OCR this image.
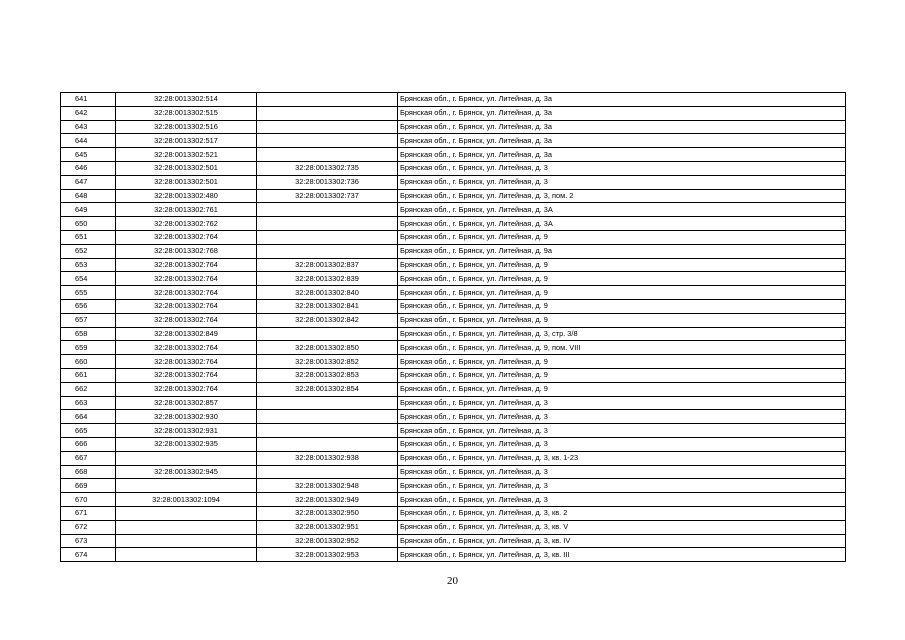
641	32:28:0013302:514		Брянская обл., г. Брянск, ул. Литейная, д. 3а
642	32:28:0013302:515		Брянская обл., г. Брянск, ул. Литейная, д. 3а
643	32:28:0013302:516		Брянская обл., г. Брянск, ул. Литейная, д. 3а
644	32:28:0013302:517		Брянская обл., г. Брянск, ул. Литейная, д. 3а
645	32:28:0013302:521		Брянская обл., г. Брянск, ул. Литейная, д. 3а
646	32:28:0013302:501	32:28:0013302:735	Брянская обл., г. Брянск, ул. Литейная, д. 3
647	32:28:0013302:501	32:28:0013302:736	Брянская обл., г. Брянск, ул. Литейная, д. 3
648	32:28:0013302:480	32:28:0013302:737	Брянская обл., г. Брянск, ул. Литейная, д. 3, пом. 2
649	32:28:0013302:761		Брянская обл., г. Брянск, ул. Литейная, д. 3А
650	32:28:0013302:762		Брянская обл., г. Брянск, ул. Литейная, д. 3А
651	32:28:0013302:764		Брянская обл., г. Брянск, ул. Литейная, д. 9
652	32:28:0013302:768		Брянская обл., г. Брянск, ул. Литейная, д. 9а
653	32:28:0013302:764	32:28:0013302:837	Брянская обл., г. Брянск, ул. Литейная, д. 9
654	32:28:0013302:764	32:28:0013302:839	Брянская обл., г. Брянск, ул. Литейная, д. 9
655	32:28:0013302:764	32:28:0013302:840	Брянская обл., г. Брянск, ул. Литейная, д. 9
656	32:28:0013302:764	32:28:0013302:841	Брянская обл., г. Брянск, ул. Литейная, д. 9
657	32:28:0013302:764	32:28:0013302:842	Брянская обл., г. Брянск, ул. Литейная, д. 9
658	32:28:0013302:849		Брянская обл., г. Брянск, ул. Литейная, д. 3, стр. 3/8
659	32:28:0013302:764	32:28:0013302:850	Брянская обл., г. Брянск, ул. Литейная, д. 9, пом. VIII
660	32:28:0013302:764	32:28:0013302:852	Брянская обл., г. Брянск, ул. Литейная, д. 9
661	32:28:0013302:764	32:28:0013302:853	Брянская обл., г. Брянск, ул. Литейная, д. 9
662	32:28:0013302:764	32:28:0013302:854	Брянская обл., г. Брянск, ул. Литейная, д. 9
663	32:28:0013302:857		Брянская обл., г. Брянск, ул. Литейная, д. 3
664	32:28:0013302:930		Брянская обл., г. Брянск, ул. Литейная, д. 3
665	32:28:0013302:931		Брянская обл., г. Брянск, ул. Литейная, д. 3
666	32:28:0013302:935		Брянская обл., г. Брянск, ул. Литейная, д. 3
667		32:28:0013302:938	Брянская обл., г. Брянск, ул. Литейная, д. 3, кв. 1-23
668	32:28:0013302:945		Брянская обл., г. Брянск, ул. Литейная, д. 3
669		32:28:0013302:948	Брянская обл., г. Брянск, ул. Литейная, д. 3
670	32:28:0013302:1094	32:28:0013302:949	Брянская обл., г. Брянск, ул. Литейная, д. 3
671		32:28:0013302:950	Брянская обл., г. Брянск, ул. Литейная, д. 3, кв. 2
672		32:28:0013302:951	Брянская обл., г. Брянск, ул. Литейная, д. 3, кв. V
673		32:28:0013302:952	Брянская обл., г. Брянск, ул. Литейная, д. 3, кв. IV
674		32:28:0013302:953	Брянская обл., г. Брянск, ул. Литейная, д. 3, кв. III
20
